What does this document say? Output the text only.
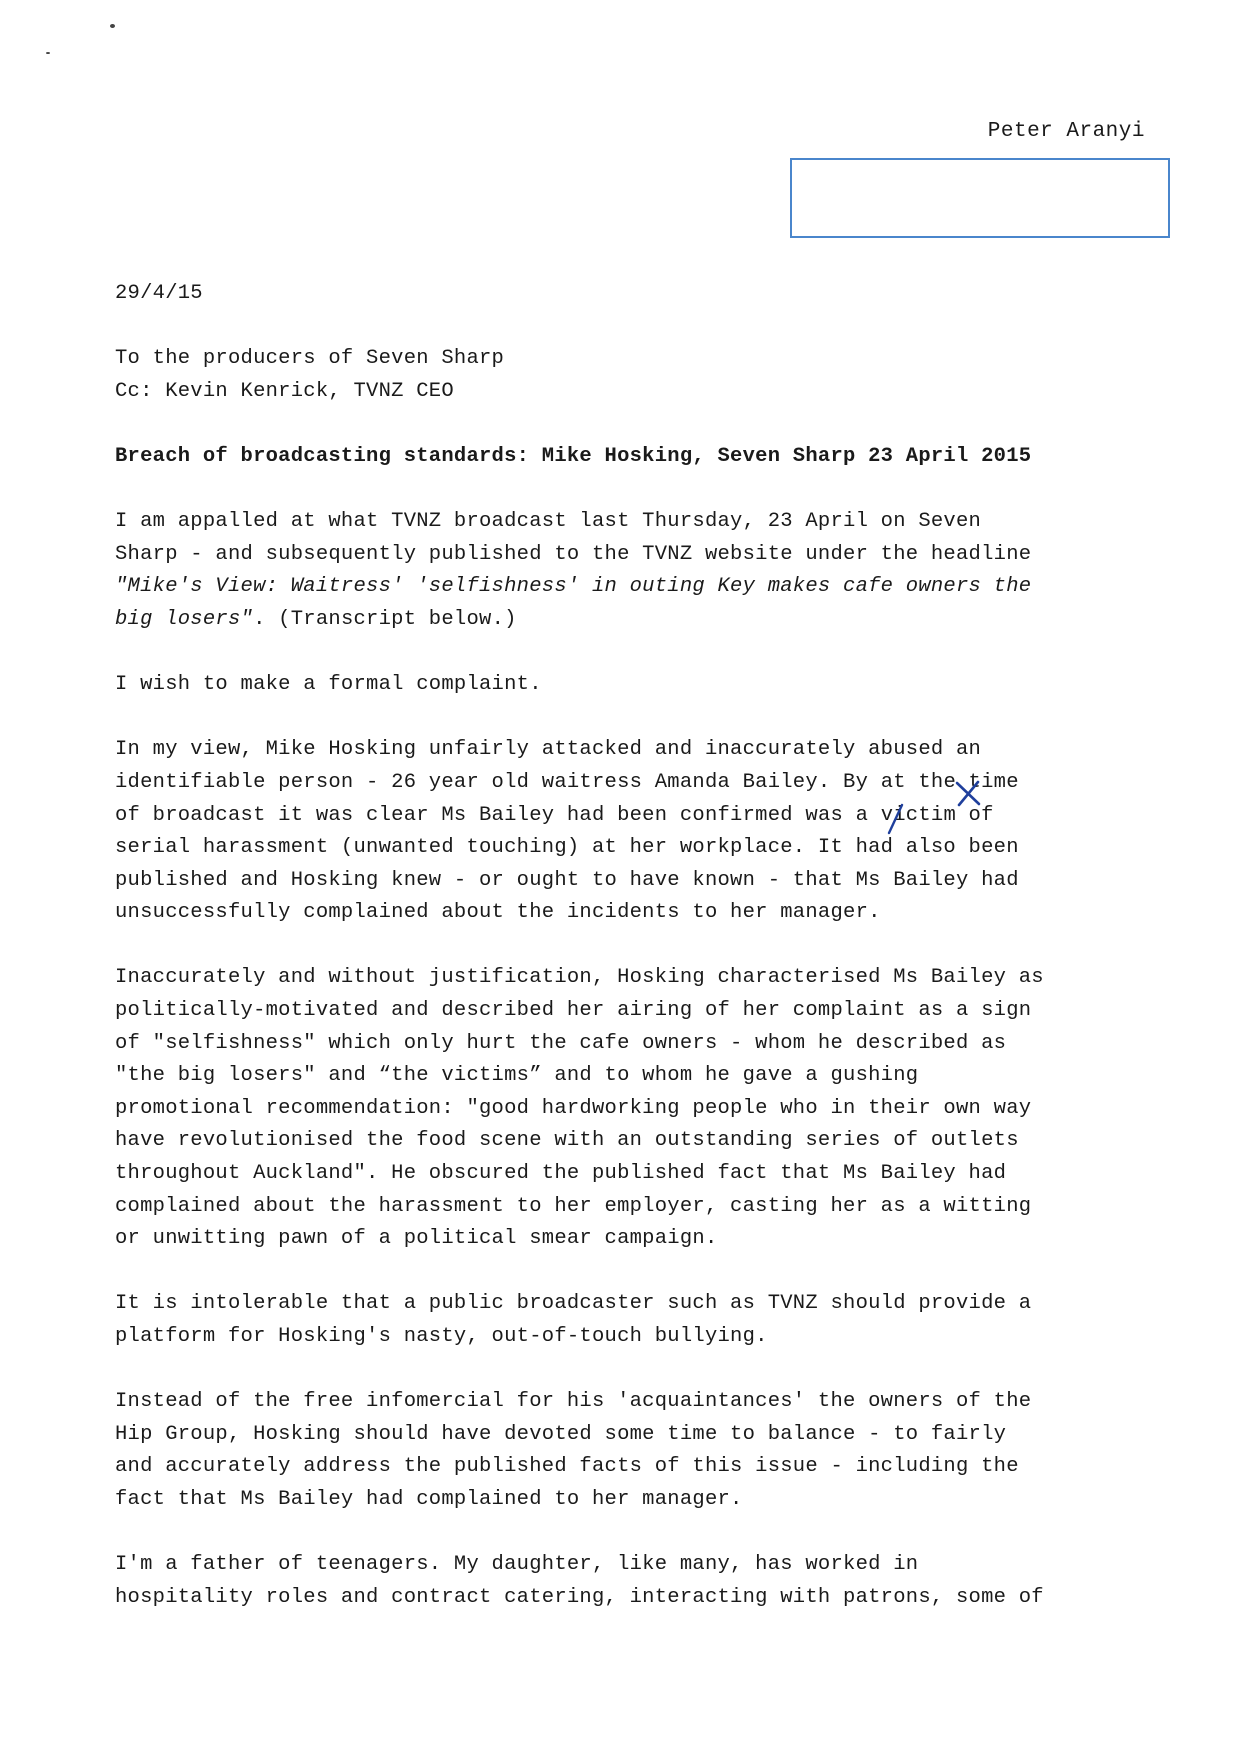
Peter Aranyi

29/4/15

To the producers of Seven Sharp
Cc: Kevin Kenrick, TVNZ CEO

Breach of broadcasting standards: Mike Hosking, Seven Sharp 23 April 2015

I am appalled at what TVNZ broadcast last Thursday, 23 April on Seven
Sharp - and subsequently published to the TVNZ website under the headline
"Mike's View: Waitress' 'selfishness' in outing Key makes cafe owners the
big losers". (Transcript below.)

I wish to make a formal complaint.

In my view, Mike Hosking unfairly attacked and inaccurately abused an
identifiable person - 26 year old waitress Amanda Bailey. By at the time
of broadcast it was clear Ms Bailey had been confirmed was a victim of
serial harassment (unwanted touching) at her workplace. It had also been
published and Hosking knew - or ought to have known - that Ms Bailey had
unsuccessfully complained about the incidents to her manager.

Inaccurately and without justification, Hosking characterised Ms Bailey as
politically-motivated and described her airing of her complaint as a sign
of "selfishness" which only hurt the cafe owners - whom he described as
"the big losers" and “the victims” and to whom he gave a gushing
promotional recommendation: "good hardworking people who in their own way
have revolutionised the food scene with an outstanding series of outlets
throughout Auckland". He obscured the published fact that Ms Bailey had
complained about the harassment to her employer, casting her as a witting
or unwitting pawn of a political smear campaign.

It is intolerable that a public broadcaster such as TVNZ should provide a
platform for Hosking's nasty, out-of-touch bullying.

Instead of the free infomercial for his 'acquaintances' the owners of the
Hip Group, Hosking should have devoted some time to balance - to fairly
and accurately address the published facts of this issue - including the
fact that Ms Bailey had complained to her manager.

I'm a father of teenagers. My daughter, like many, has worked in
hospitality roles and contract catering, interacting with patrons, some of
